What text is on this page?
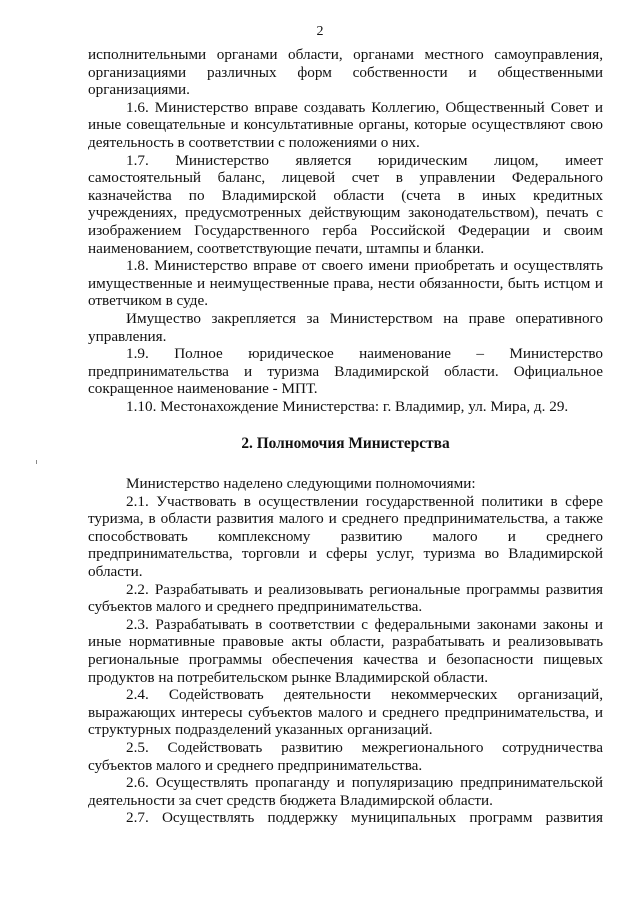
2

исполнительными органами области, органами местного самоуправления, организациями различных форм собственности и общественными организациями.

1.6. Министерство вправе создавать Коллегию, Общественный Совет и иные совещательные и консультативные органы, которые осуществляют свою деятельность в соответствии с положениями о них.

1.7. Министерство является юридическим лицом, имеет самостоятельный баланс, лицевой счет в управлении Федерального казначейства по Владимирской области (счета в иных кредитных учреждениях, предусмотренных действующим законодательством), печать с изображением Государственного герба Российской Федерации и своим наименованием, соответствующие печати, штампы и бланки.

1.8. Министерство вправе от своего имени приобретать и осуществлять имущественные и неимущественные права, нести обязанности, быть истцом и ответчиком в суде.

Имущество закрепляется за Министерством на праве оперативного управления.

1.9. Полное юридическое наименование – Министерство предпринимательства и туризма Владимирской области. Официальное сокращенное наименование - МПТ.

1.10. Местонахождение Министерства: г. Владимир, ул. Мира, д. 29.

2. Полномочия Министерства

Министерство наделено следующими полномочиями:

2.1. Участвовать в осуществлении государственной политики в сфере туризма, в области развития малого и среднего предпринимательства, а также способствовать комплексному развитию малого и среднего предпринимательства, торговли и сферы услуг, туризма во Владимирской области.

2.2. Разрабатывать и реализовывать региональные программы развития субъектов малого и среднего предпринимательства.

2.3. Разрабатывать в соответствии с федеральными законами законы и иные нормативные правовые акты области, разрабатывать и реализовывать региональные программы обеспечения качества и безопасности пищевых продуктов на потребительском рынке Владимирской области.

2.4. Содействовать деятельности некоммерческих организаций, выражающих интересы субъектов малого и среднего предпринимательства, и структурных подразделений указанных организаций.

2.5. Содействовать развитию межрегионального сотрудничества субъектов малого и среднего предпринимательства.

2.6. Осуществлять пропаганду и популяризацию предпринимательской деятельности за счет средств бюджета Владимирской области.

2.7. Осуществлять поддержку муниципальных программ развития
